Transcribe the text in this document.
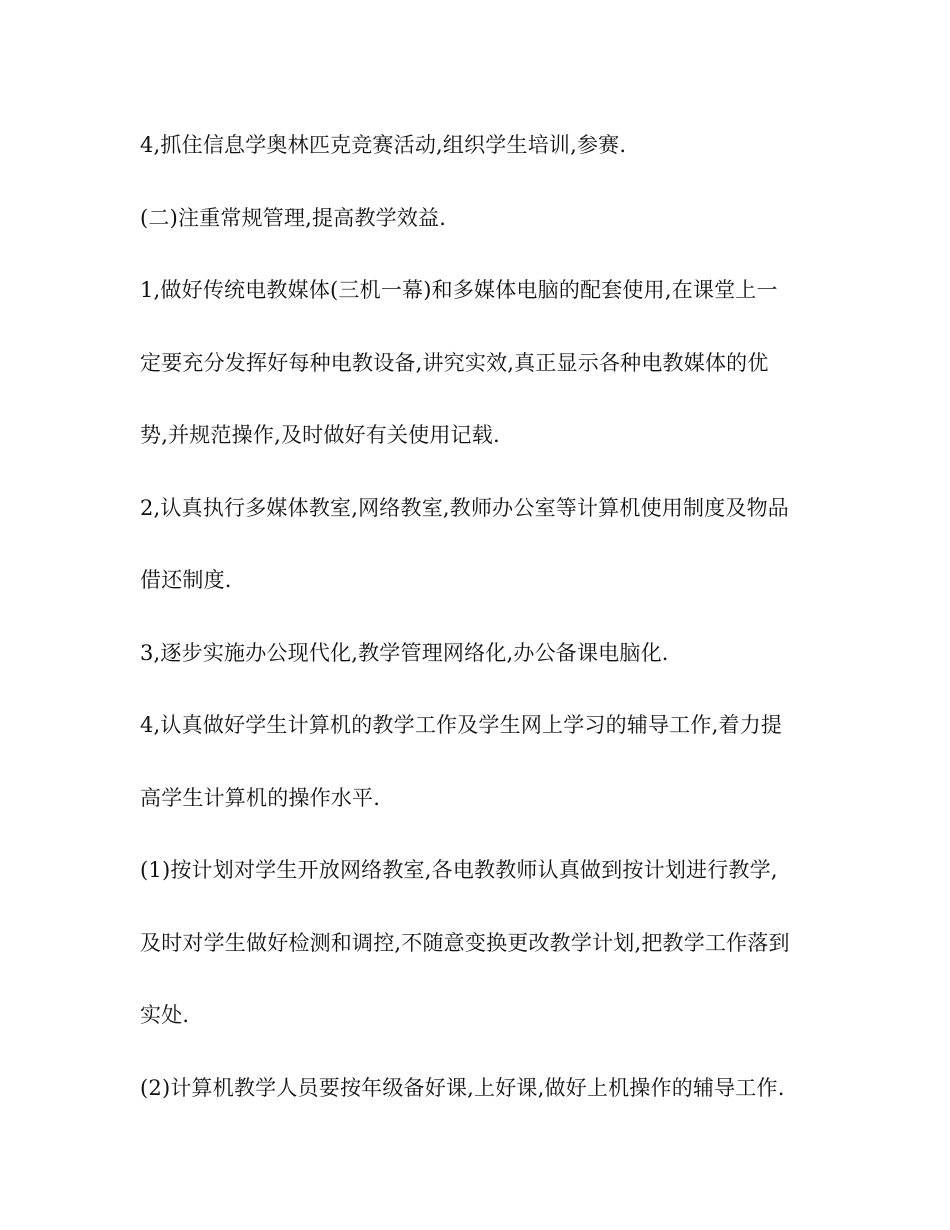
4,抓住信息学奥林匹克竞赛活动,组织学生培训,参赛.

(二)注重常规管理,提高教学效益.

1,做好传统电教媒体(三机一幕)和多媒体电脑的配套使用,在课堂上一

定要充分发挥好每种电教设备,讲究实效,真正显示各种电教媒体的优

势,并规范操作,及时做好有关使用记载.

2,认真执行多媒体教室,网络教室,教师办公室等计算机使用制度及物品

借还制度.

3,逐步实施办公现代化,教学管理网络化,办公备课电脑化.

4,认真做好学生计算机的教学工作及学生网上学习的辅导工作,着力提

高学生计算机的操作水平.

(1)按计划对学生开放网络教室,各电教教师认真做到按计划进行教学,

及时对学生做好检测和调控,不随意变换更改教学计划,把教学工作落到

实处.

(2)计算机教学人员要按年级备好课,上好课,做好上机操作的辅导工作.
